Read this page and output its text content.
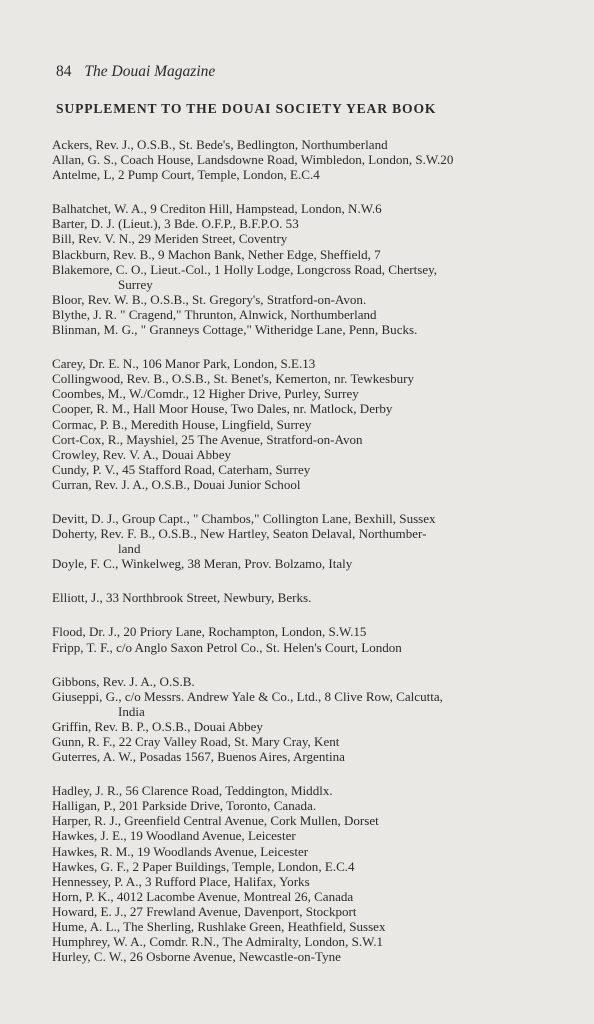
84 The Douai Magazine
SUPPLEMENT TO THE DOUAI SOCIETY YEAR BOOK
Ackers, Rev. J., O.S.B., St. Bede's, Bedlington, Northumberland
Allan, G. S., Coach House, Landsdowne Road, Wimbledon, London, S.W.20
Antelme, L, 2 Pump Court, Temple, London, E.C.4
Balhatchet, W. A., 9 Crediton Hill, Hampstead, London, N.W.6
Barter, D. J. (Lieut.), 3 Bde. O.F.P., B.F.P.O. 53
Bill, Rev. V. N., 29 Meriden Street, Coventry
Blackburn, Rev. B., 9 Machon Bank, Nether Edge, Sheffield, 7
Blakemore, C. O., Lieut.-Col., 1 Holly Lodge, Longcross Road, Chertsey,
Surrey
Bloor, Rev. W. B., O.S.B., St. Gregory's, Stratford-on-Avon.
Blythe, J. R. " Cragend," Thrunton, Alnwick, Northumberland
Blinman, M. G., " Granneys Cottage," Witheridge Lane, Penn, Bucks.
Carey, Dr. E. N., 106 Manor Park, London, S.E.13
Collingwood, Rev. B., O.S.B., St. Benet's, Kemerton, nr. Tewkesbury
Coombes, M., W./Comdr., 12 Higher Drive, Purley, Surrey
Cooper, R. M., Hall Moor House, Two Dales, nr. Matlock, Derby
Cormac, P. B., Meredith House, Lingfield, Surrey
Cort-Cox, R., Mayshiel, 25 The Avenue, Stratford-on-Avon
Crowley, Rev. V. A., Douai Abbey
Cundy, P. V., 45 Stafford Road, Caterham, Surrey
Curran, Rev. J. A., O.S.B., Douai Junior School
Devitt, D. J., Group Capt., " Chambos," Collington Lane, Bexhill, Sussex
Doherty, Rev. F. B., O.S.B., New Hartley, Seaton Delaval, Northumber-
land
Doyle, F. C., Winkelweg, 38 Meran, Prov. Bolzamo, Italy
Elliott, J., 33 Northbrook Street, Newbury, Berks.
Flood, Dr. J., 20 Priory Lane, Rochampton, London, S.W.15
Fripp, T. F., c/o Anglo Saxon Petrol Co., St. Helen's Court, London
Gibbons, Rev. J. A., O.S.B.
Giuseppi, G., c/o Messrs. Andrew Yale & Co., Ltd., 8 Clive Row, Calcutta,
India
Griffin, Rev. B. P., O.S.B., Douai Abbey
Gunn, R. F., 22 Cray Valley Road, St. Mary Cray, Kent
Guterres, A. W., Posadas 1567, Buenos Aires, Argentina
Hadley, J. R., 56 Clarence Road, Teddington, Middlx.
Halligan, P., 201 Parkside Drive, Toronto, Canada.
Harper, R. J., Greenfield Central Avenue, Cork Mullen, Dorset
Hawkes, J. E., 19 Woodland Avenue, Leicester
Hawkes, R. M., 19 Woodlands Avenue, Leicester
Hawkes, G. F., 2 Paper Buildings, Temple, London, E.C.4
Hennessey, P. A., 3 Rufford Place, Halifax, Yorks
Horn, P. K., 4012 Lacombe Avenue, Montreal 26, Canada
Howard, E. J., 27 Frewland Avenue, Davenport, Stockport
Hume, A. L., The Sherling, Rushlake Green, Heathfield, Sussex
Humphrey, W. A., Comdr. R.N., The Admiralty, London, S.W.1
Hurley, C. W., 26 Osborne Avenue, Newcastle-on-Tyne
